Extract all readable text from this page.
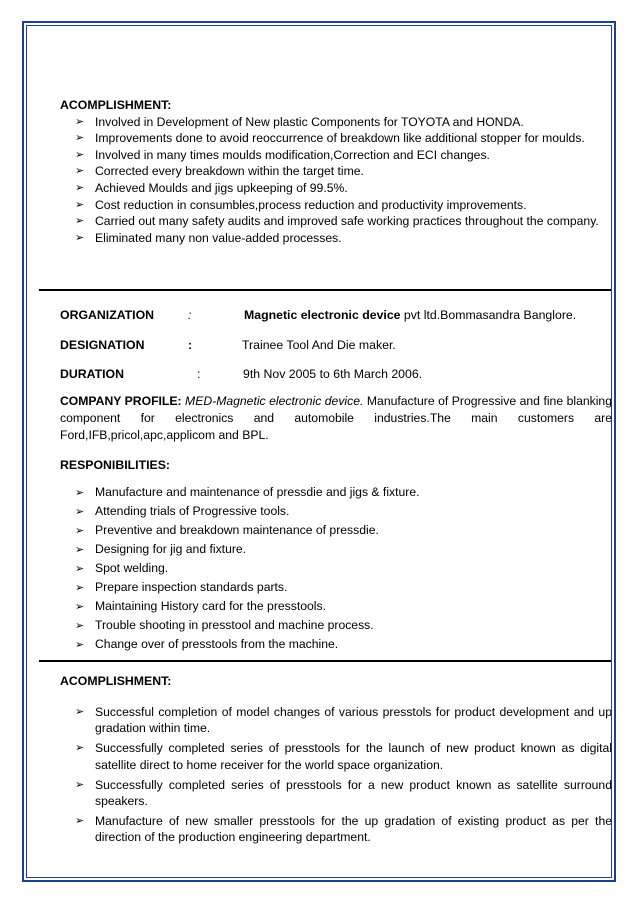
ACOMPLISHMENT:
➢ Involved in Development of New plastic Components for TOYOTA and HONDA.
➢ Improvements done to avoid reoccurrence of breakdown like additional stopper for moulds.
➢ Involved in many times moulds modification,Correction and ECI changes.
➢ Corrected every breakdown within the target time.
➢ Achieved Moulds and jigs upkeeping of 99.5%.
➢ Cost reduction in consumbles,process reduction and productivity improvements.
➢ Carried out many safety audits and improved safe working practices throughout the company.
➢ Eliminated many non value-added processes.
ORGANIZATION	:	Magnetic electronic device pvt ltd.Bommasandra Banglore.
DESIGNATION	:	Trainee Tool And Die maker.
DURATION	:	9th Nov 2005 to 6th March 2006.
COMPANY PROFILE: MED-Magnetic electronic device. Manufacture of Progressive and fine blanking component for electronics and automobile industries.The main customers are Ford,IFB,pricol,apc,applicom and BPL.
RESPONIBILITIES:
➢ Manufacture and maintenance of pressdie and jigs & fixture.
➢ Attending trials of Progressive tools.
➢ Preventive and breakdown maintenance of pressdie.
➢ Designing for jig and fixture.
➢ Spot welding.
➢ Prepare inspection standards parts.
➢ Maintaining History card for the presstools.
➢ Trouble shooting in presstool and machine process.
➢ Change over of presstools from the machine.
ACOMPLISHMENT:
➢ Successful completion of model changes of various presstols for product development and up gradation within time.
➢ Successfully completed series of presstools for the launch of new product known as digital satellite direct to home receiver for the world space organization.
➢ Successfully completed series of presstools for a new product known as satellite surround speakers.
➢ Manufacture of new smaller presstools for the up gradation of existing product as per the direction of the production engineering department.
